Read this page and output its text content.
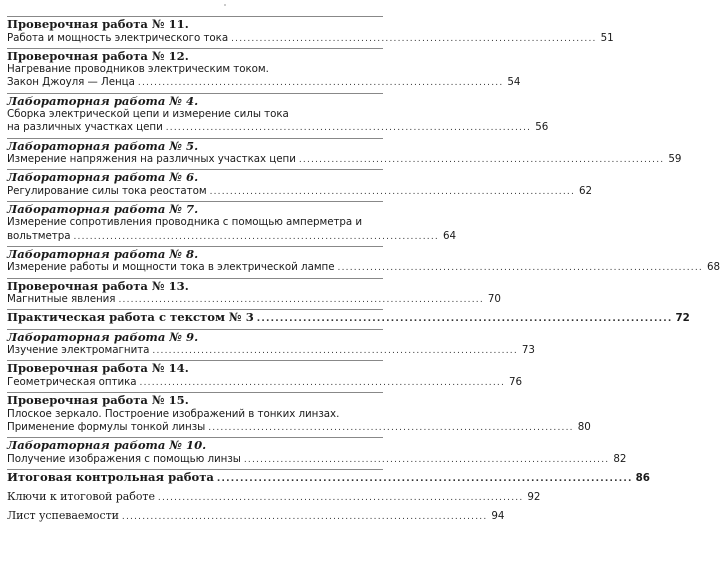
Проверочная работа № 11.
Работа и мощность электрического тока .......................................................................................... 51
Проверочная работа № 12.
Нагревание проводников электрическим током.
Закон Джоуля — Ленца .......................................................................................... 54
Лабораторная работа № 4.
Сборка электрической цепи и измерение силы тока
на различных участках цепи .......................................................................................... 56
Лабораторная работа № 5.
Измерение напряжения на различных участках цепи .......................................................................................... 59
Лабораторная работа № 6.
Регулирование силы тока реостатом .......................................................................................... 62
Лабораторная работа № 7.
Измерение сопротивления проводника с помощью амперметра и
вольтметра .......................................................................................... 64
Лабораторная работа № 8.
Измерение работы и мощности тока в электрической лампе .......................................................................................... 68
Проверочная работа № 13.
Магнитные явления .......................................................................................... 70
Практическая работа с текстом № 3 .......................................................................................... 72
Лабораторная работа № 9.
Изучение электромагнита .......................................................................................... 73
Проверочная работа № 14.
Геометрическая оптика .......................................................................................... 76
Проверочная работа № 15.
Плоское зеркало. Построение изображений в тонких линзах.
Применение формулы тонкой линзы .......................................................................................... 80
Лабораторная работа № 10.
Получение изображения с помощью линзы .......................................................................................... 82
Итоговая контрольная работа .......................................................................................... 86
Ключи к итоговой работе .......................................................................................... 92
Лист успеваемости .......................................................................................... 94
